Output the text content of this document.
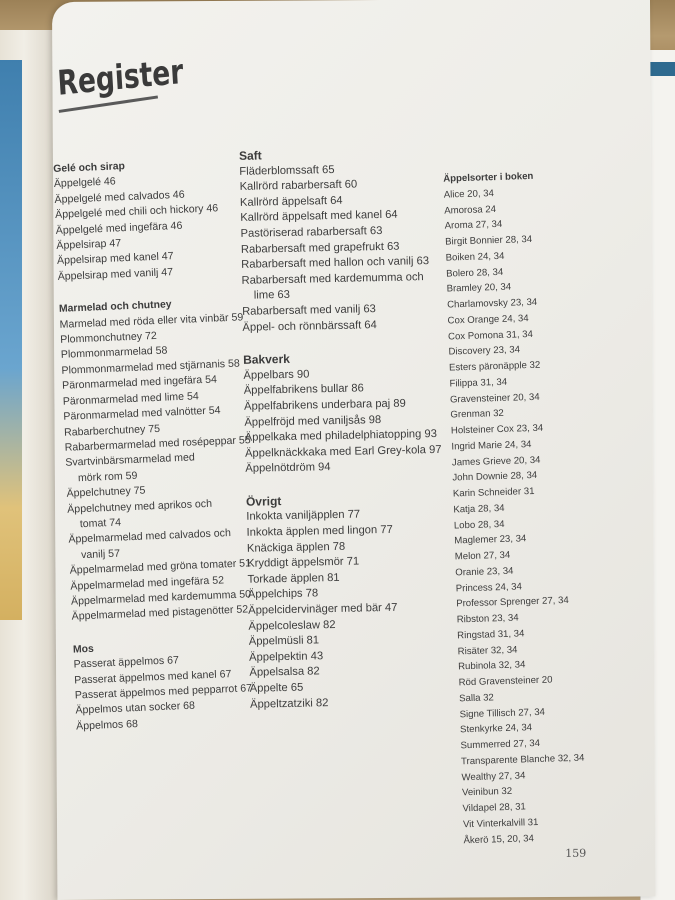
Register
Gelé och sirap
Äppelgelé 46
Äppelgelé med calvados 46
Äppelgelé med chili och hickory 46
Äppelgelé med ingefära 46
Äppelsirap 47
Äppelsirap med kanel 47
Äppelsirap med vanilj 47
Marmelad och chutney
Marmelad med röda eller vita vinbär 59
Plommonchutney 72
Plommonmarmelad 58
Plommonmarmelad med stjärnanis 58
Päronmarmelad med ingefära 54
Päronmarmelad med lime 54
Päronmarmelad med valnötter 54
Rabarberchutney 75
Rabarbermarmelad med rosépeppar 55
Svartvinbärsmarmelad med
mörk rom 59
Äppelchutney 75
Äppelchutney med aprikos och
tomat 74
Äppelmarmelad med calvados och
vanilj 57
Äppelmarmelad med gröna tomater 51
Äppelmarmelad med ingefära 52
Äppelmarmelad med kardemumma 50
Äppelmarmelad med pistagenötter 52
Mos
Passerat äppelmos 67
Passerat äppelmos med kanel 67
Passerat äppelmos med pepparrot 67
Äppelmos utan socker 68
Äppelmos 68
Saft
Fläderblomssaft 65
Kallrörd rabarbersaft 60
Kallrörd äppelsaft 64
Kallrörd äppelsaft med kanel 64
Pastöriserad rabarbersaft 63
Rabarbersaft med grapefrukt 63
Rabarbersaft med hallon och vanilj 63
Rabarbersaft med kardemumma och
lime 63
Rabarbersaft med vanilj 63
Äppel- och rönnbärssaft 64
Bakverk
Äppelbars 90
Äppelfabrikens bullar 86
Äppelfabrikens underbara paj 89
Äppelfröjd med vaniljsås 98
Äppelkaka med philadelphiatopping 93
Äppelknäckkaka med Earl Grey-kola 97
Äppelnötdröm 94
Övrigt
Inkokta vaniljäpplen 77
Inkokta äpplen med lingon 77
Knäckiga äpplen 78
Kryddigt äppelsmör 71
Torkade äpplen 81
Äppelchips 78
Äppelcidervinäger med bär 47
Äppelcoleslaw 82
Äppelmüsli 81
Äppelpektin 43
Äppelsalsa 82
Äppelte 65
Äppeltzatziki 82
Äppelsorter i boken
Alice 20, 34
Amorosa 24
Aroma 27, 34
Birgit Bonnier 28, 34
Boiken 24, 34
Bolero 28, 34
Bramley 20, 34
Charlamovsky 23, 34
Cox Orange 24, 34
Cox Pomona 31, 34
Discovery 23, 34
Esters päronäpple 32
Filippa 31, 34
Gravensteiner 20, 34
Grenman 32
Holsteiner Cox 23, 34
Ingrid Marie 24, 34
James Grieve 20, 34
John Downie 28, 34
Karin Schneider 31
Katja 28, 34
Lobo 28, 34
Maglemer 23, 34
Melon 27, 34
Oranie 23, 34
Princess 24, 34
Professor Sprenger 27, 34
Ribston 23, 34
Ringstad 31, 34
Risäter 32, 34
Rubinola 32, 34
Röd Gravensteiner 20
Salla 32
Signe Tillisch 27, 34
Stenkyrke 24, 34
Summerred 27, 34
Transparente Blanche 32, 34
Wealthy 27, 34
Veinibun 32
Vildapel 28, 31
Vit Vinterkalvill 31
Åkerö 15, 20, 34
159
